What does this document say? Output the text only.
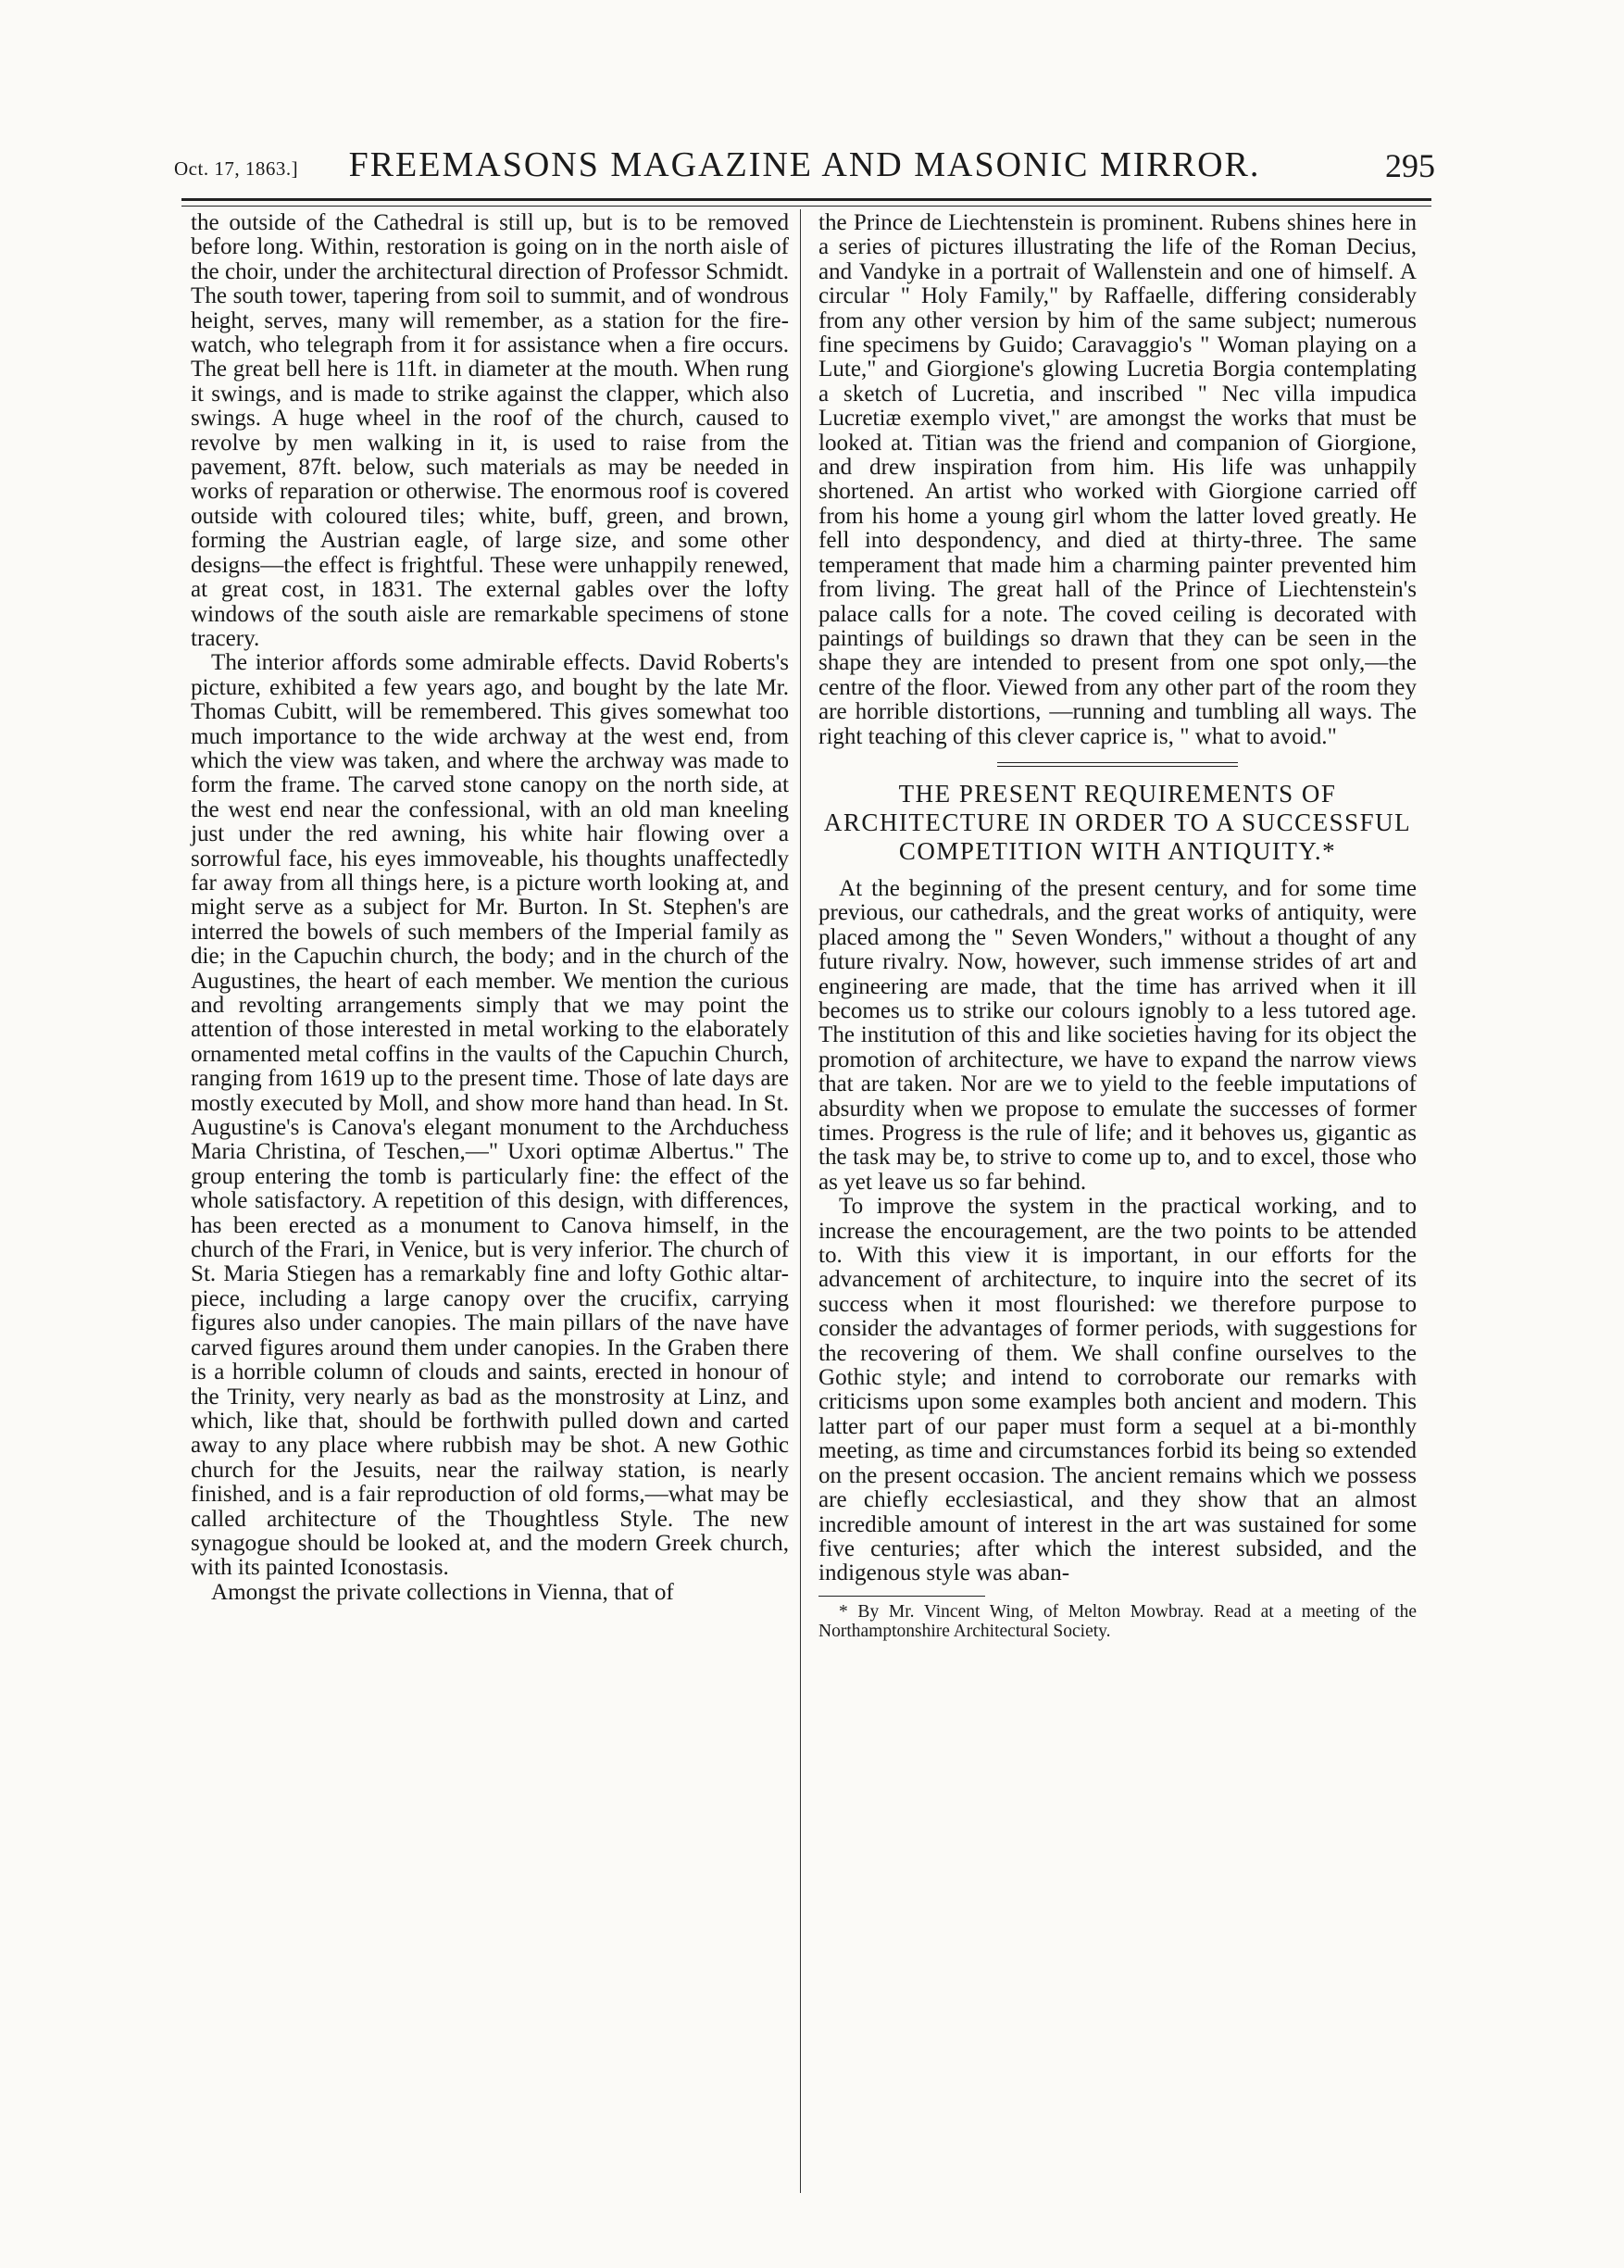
Oct. 17, 1863.]	FREEMASONS MAGAZINE AND MASONIC MIRROR.	295

the outside of the Cathedral is still up, but is to be removed before long. Within, restoration is going on in the north aisle of the choir, under the architectural direction of Professor Schmidt. The south tower, tapering from soil to summit, and of wondrous height, serves, many will remember, as a station for the fire-watch, who telegraph from it for assistance when a fire occurs. The great bell here is 11ft. in diameter at the mouth. When rung it swings, and is made to strike against the clapper, which also swings. A huge wheel in the roof of the church, caused to revolve by men walking in it, is used to raise from the pavement, 87ft. below, such materials as may be needed in works of reparation or otherwise. The enormous roof is covered outside with coloured tiles; white, buff, green, and brown, forming the Austrian eagle, of large size, and some other designs—the effect is frightful. These were unhappily renewed, at great cost, in 1831. The external gables over the lofty windows of the south aisle are remarkable specimens of stone tracery.

The interior affords some admirable effects. David Roberts's picture, exhibited a few years ago, and bought by the late Mr. Thomas Cubitt, will be remembered. This gives somewhat too much importance to the wide archway at the west end, from which the view was taken, and where the archway was made to form the frame. The carved stone canopy on the north side, at the west end near the confessional, with an old man kneeling just under the red awning, his white hair flowing over a sorrowful face, his eyes immoveable, his thoughts unaffectedly far away from all things here, is a picture worth looking at, and might serve as a subject for Mr. Burton. In St. Stephen's are interred the bowels of such members of the Imperial family as die; in the Capuchin church, the body; and in the church of the Augustines, the heart of each member. We mention the curious and revolting arrangements simply that we may point the attention of those interested in metal working to the elaborately ornamented metal coffins in the vaults of the Capuchin Church, ranging from 1619 up to the present time. Those of late days are mostly executed by Moll, and show more hand than head. In St. Augustine's is Canova's elegant monument to the Archduchess Maria Christina, of Teschen,—" Uxori optimæ Albertus." The group entering the tomb is particularly fine: the effect of the whole satisfactory. A repetition of this design, with differences, has been erected as a monument to Canova himself, in the church of the Frari, in Venice, but is very inferior. The church of St. Maria Stiegen has a remarkably fine and lofty Gothic altar-piece, including a large canopy over the crucifix, carrying figures also under canopies. The main pillars of the nave have carved figures around them under canopies. In the Graben there is a horrible column of clouds and saints, erected in honour of the Trinity, very nearly as bad as the monstrosity at Linz, and which, like that, should be forthwith pulled down and carted away to any place where rubbish may be shot. A new Gothic church for the Jesuits, near the railway station, is nearly finished, and is a fair reproduction of old forms,—what may be called architecture of the Thoughtless Style. The new synagogue should be looked at, and the modern Greek church, with its painted Iconostasis.

Amongst the private collections in Vienna, that of

the Prince de Liechtenstein is prominent. Rubens shines here in a series of pictures illustrating the life of the Roman Decius, and Vandyke in a portrait of Wallenstein and one of himself. A circular " Holy Family," by Raffaelle, differing considerably from any other version by him of the same subject; numerous fine specimens by Guido; Caravaggio's " Woman playing on a Lute," and Giorgione's glowing Lucretia Borgia contemplating a sketch of Lucretia, and inscribed " Nec villa impudica Lucretiæ exemplo vivet," are amongst the works that must be looked at. Titian was the friend and companion of Giorgione, and drew inspiration from him. His life was unhappily shortened. An artist who worked with Giorgione carried off from his home a young girl whom the latter loved greatly. He fell into despondency, and died at thirty-three. The same temperament that made him a charming painter prevented him from living. The great hall of the Prince of Liechtenstein's palace calls for a note. The coved ceiling is decorated with paintings of buildings so drawn that they can be seen in the shape they are intended to present from one spot only,—the centre of the floor. Viewed from any other part of the room they are horrible distortions, —running and tumbling all ways. The right teaching of this clever caprice is, " what to avoid."

THE PRESENT REQUIREMENTS OF ARCHITECTURE IN ORDER TO A SUCCESSFUL COMPETITION WITH ANTIQUITY.*

At the beginning of the present century, and for some time previous, our cathedrals, and the great works of antiquity, were placed among the " Seven Wonders," without a thought of any future rivalry. Now, however, such immense strides of art and engineering are made, that the time has arrived when it ill becomes us to strike our colours ignobly to a less tutored age. The institution of this and like societies having for its object the promotion of architecture, we have to expand the narrow views that are taken. Nor are we to yield to the feeble imputations of absurdity when we propose to emulate the successes of former times. Progress is the rule of life; and it behoves us, gigantic as the task may be, to strive to come up to, and to excel, those who as yet leave us so far behind.

To improve the system in the practical working, and to increase the encouragement, are the two points to be attended to. With this view it is important, in our efforts for the advancement of architecture, to inquire into the secret of its success when it most flourished: we therefore purpose to consider the advantages of former periods, with suggestions for the recovering of them. We shall confine ourselves to the Gothic style; and intend to corroborate our remarks with criticisms upon some examples both ancient and modern. This latter part of our paper must form a sequel at a bi-monthly meeting, as time and circumstances forbid its being so extended on the present occasion. The ancient remains which we possess are chiefly ecclesiastical, and they show that an almost incredible amount of interest in the art was sustained for some five centuries; after which the interest subsided, and the indigenous style was aban-

* By Mr. Vincent Wing, of Melton Mowbray. Read at a meeting of the Northamptonshire Architectural Society.
